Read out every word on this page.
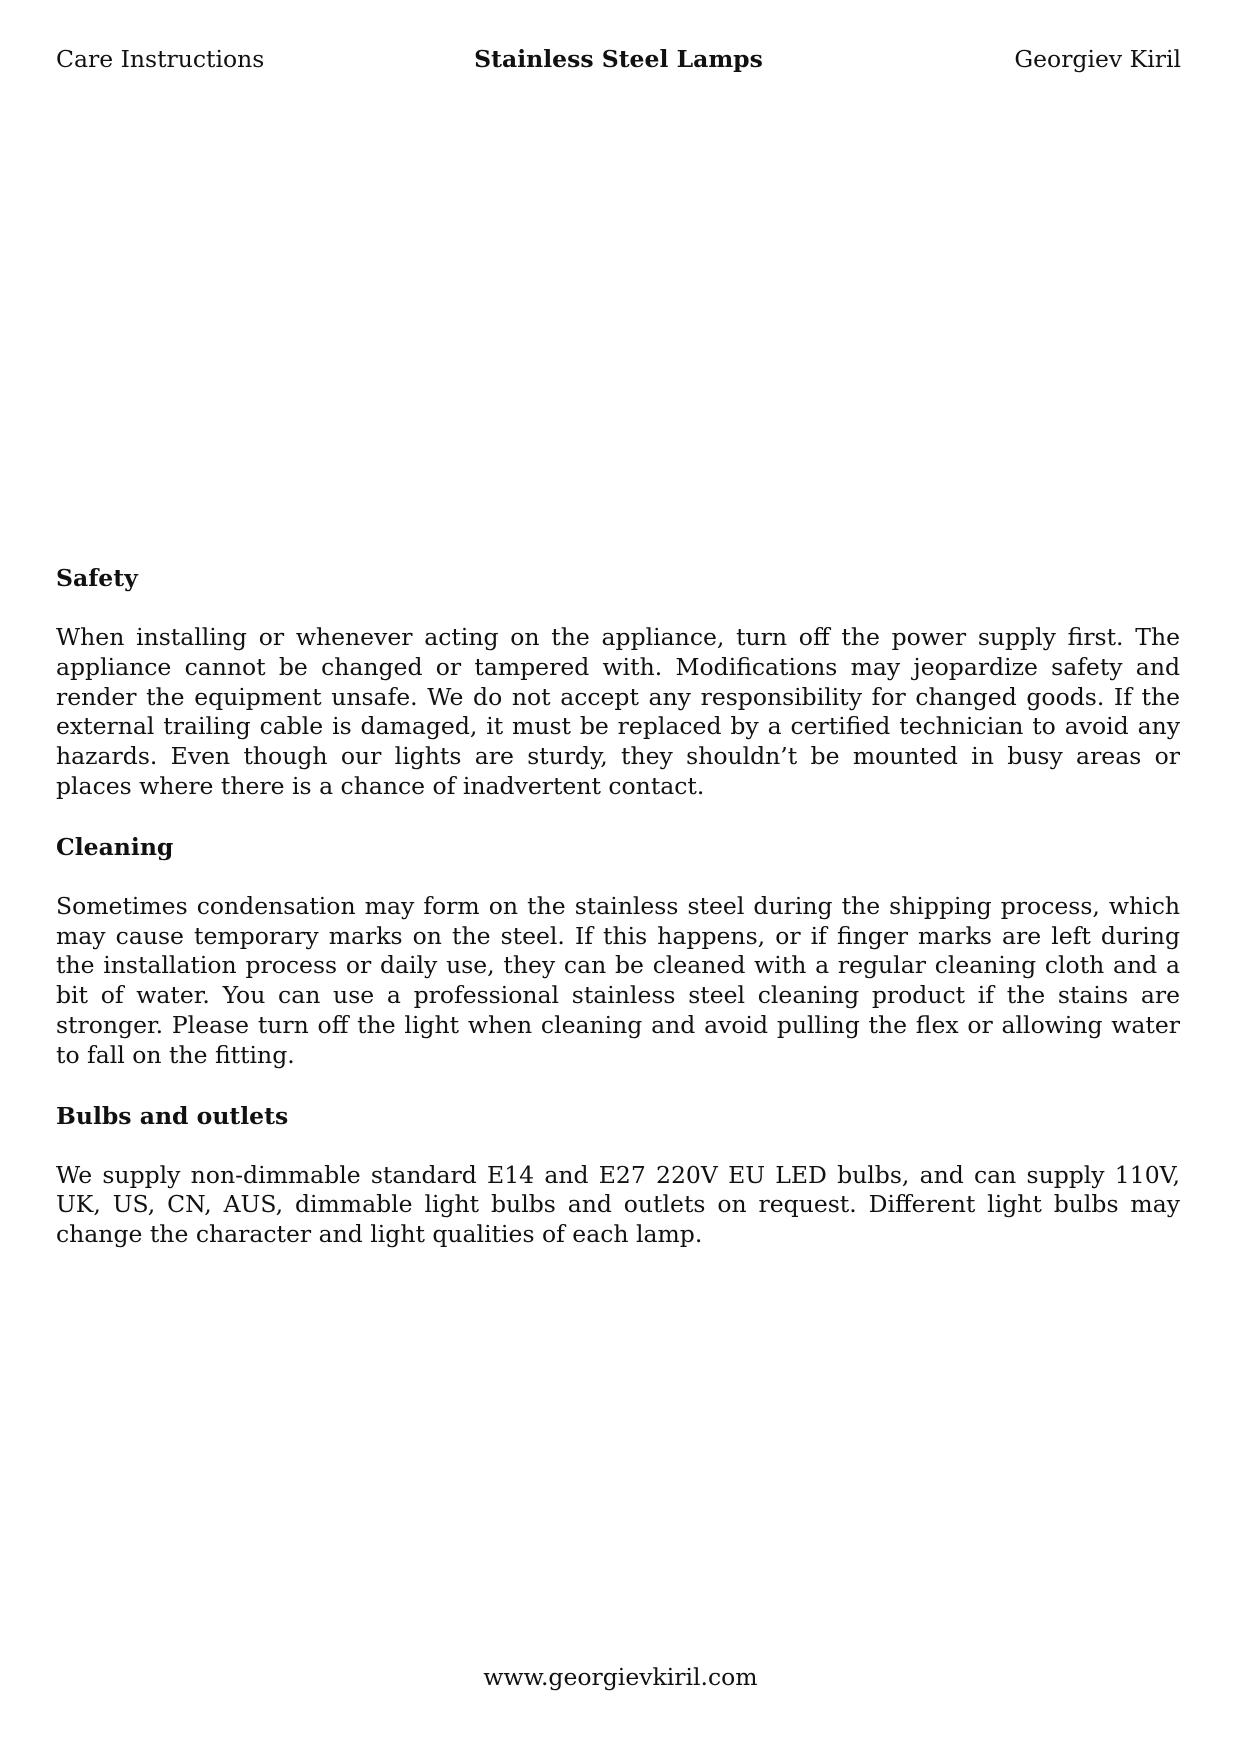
Care Instructions	Stainless Steel Lamps	Georgiev Kiril
Safety
When installing or whenever acting on the appliance, turn off the power supply first. The appliance cannot be changed or tampered with. Modifications may jeopardize safety and render the equipment unsafe. We do not accept any responsibility for changed goods. If the external trailing cable is damaged, it must be replaced by a certified technician to avoid any hazards. Even though our lights are sturdy, they shouldn’t be mounted in busy areas or places where there is a chance of inadvertent contact.
Cleaning
Sometimes condensation may form on the stainless steel during the shipping process, which may cause temporary marks on the steel. If this happens, or if finger marks are left during the installation process or daily use, they can be cleaned with a regular cleaning cloth and a bit of water. You can use a professional stainless steel cleaning product if the stains are stronger. Please turn off the light when cleaning and avoid pulling the flex or allowing water to fall on the fitting.
Bulbs and outlets
We supply non-dimmable standard E14 and E27 220V EU LED bulbs, and can supply 110V, UK, US, CN, AUS, dimmable light bulbs and outlets on request. Different light bulbs may change the character and light qualities of each lamp.
www.georgievkiril.com
